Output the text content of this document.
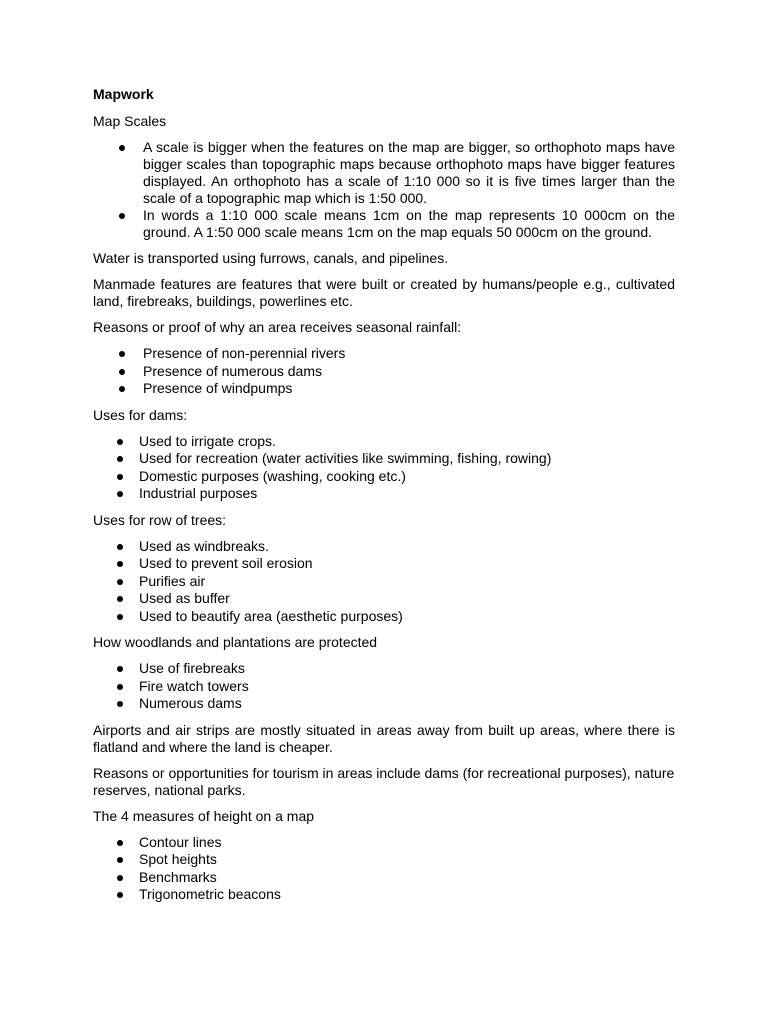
Mapwork

Map Scales

A scale is bigger when the features on the map are bigger, so orthophoto maps have bigger scales than topographic maps because orthophoto maps have bigger features displayed. An orthophoto has a scale of 1:10 000 so it is five times larger than the scale of a topographic map which is 1:50 000.
In words a 1:10 000 scale means 1cm on the map represents 10 000cm on the ground. A 1:50 000 scale means 1cm on the map equals 50 000cm on the ground.

Water is transported using furrows, canals, and pipelines.

Manmade features are features that were built or created by humans/people e.g., cultivated land, firebreaks, buildings, powerlines etc.

Reasons or proof of why an area receives seasonal rainfall:

Presence of non-perennial rivers
Presence of numerous dams
Presence of windpumps

Uses for dams:

Used to irrigate crops.
Used for recreation (water activities like swimming, fishing, rowing)
Domestic purposes (washing, cooking etc.)
Industrial purposes

Uses for row of trees:

Used as windbreaks.
Used to prevent soil erosion
Purifies air
Used as buffer
Used to beautify area (aesthetic purposes)

How woodlands and plantations are protected

Use of firebreaks
Fire watch towers
Numerous dams

Airports and air strips are mostly situated in areas away from built up areas, where there is flatland and where the land is cheaper.

Reasons or opportunities for tourism in areas include dams (for recreational purposes), nature reserves, national parks.

The 4 measures of height on a map

Contour lines
Spot heights
Benchmarks
Trigonometric beacons
